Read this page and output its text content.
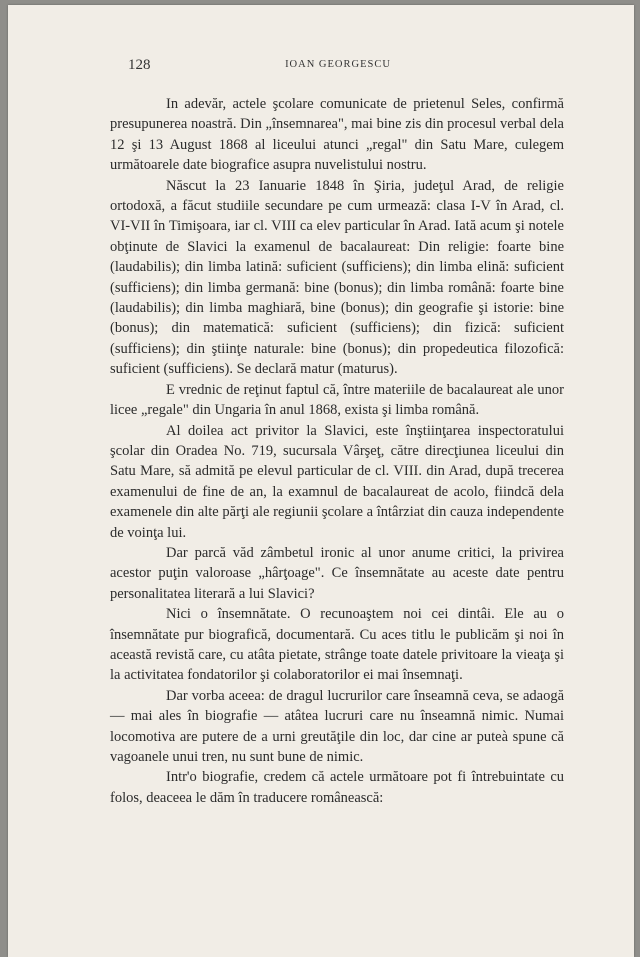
128	IOAN GEORGESCU

In adevăr, actele şcolare comunicate de prietenul Seles, confirmă presupunerea noastră. Din „însemnarea", mai bine zis din procesul verbal dela 12 şi 13 August 1868 al liceului atunci „regal" din Satu Mare, culegem următoarele date biografice asupra nuvelistului nostru.

Născut la 23 Ianuarie 1848 în Şiria, judeţul Arad, de religie ortodoxă, a făcut studiile secundare pe cum urmează: clasa I-V în Arad, cl. VI-VII în Timişoara, iar cl. VIII ca elev particular în Arad. Iată acum şi notele obţinute de Slavici la examenul de bacalaureat: Din religie: foarte bine (laudabilis); din limba latină: suficient (sufficiens); din limba elină: suficient (sufficiens); din limba germană: bine (bonus); din limba română: foarte bine (laudabilis); din limba maghiară, bine (bonus); din geografie şi istorie: bine (bonus); din matematică: suficient (sufficiens); din fizică: suficient (sufficiens); din ştiinţe naturale: bine (bonus); din propedeutica filozofică: suficient (sufficiens). Se declară matur (maturus).

E vrednic de reţinut faptul că, între materiile de bacalaureat ale unor licee „regale" din Ungaria în anul 1868, exista şi limba română.

Al doilea act privitor la Slavici, este înştiinţarea inspectoratului şcolar din Oradea No. 719, sucursala Vârşeţ, către direcţiunea liceului din Satu Mare, să admită pe elevul particular de cl. VIII. din Arad, după trecerea examenului de fine de an, la examnul de bacalaureat de acolo, fiindcă dela examenele din alte părţi ale regiunii şcolare a întârziat din cauza independente de voinţa lui.

Dar parcă văd zâmbetul ironic al unor anume critici, la privirea acestor puţin valoroase „hârţoage". Ce însemnătate au aceste date pentru personalitatea literară a lui Slavici?

Nici o însemnătate. O recunoaştem noi cei dintâi. Ele au o însemnătate pur biografică, documentară. Cu aces titlu le publicăm şi noi în această revistă care, cu atâta pietate, strânge toate datele privitoare la vieaţa şi la activitatea fondatorilor şi colaboratorilor ei mai însemnaţi.

Dar vorba aceea: de dragul lucrurilor care înseamnă ceva, se adaogă — mai ales în biografie — atâtea lucruri care nu înseamnă nimic. Numai locomotiva are putere de a urni greutăţile din loc, dar cine ar puteà spune că vagoanele unui tren, nu sunt bune de nimic.

Intr'o biografie, credem că actele următoare pot fi întrebuintate cu folos, deaceea le dăm în traducere românească:
